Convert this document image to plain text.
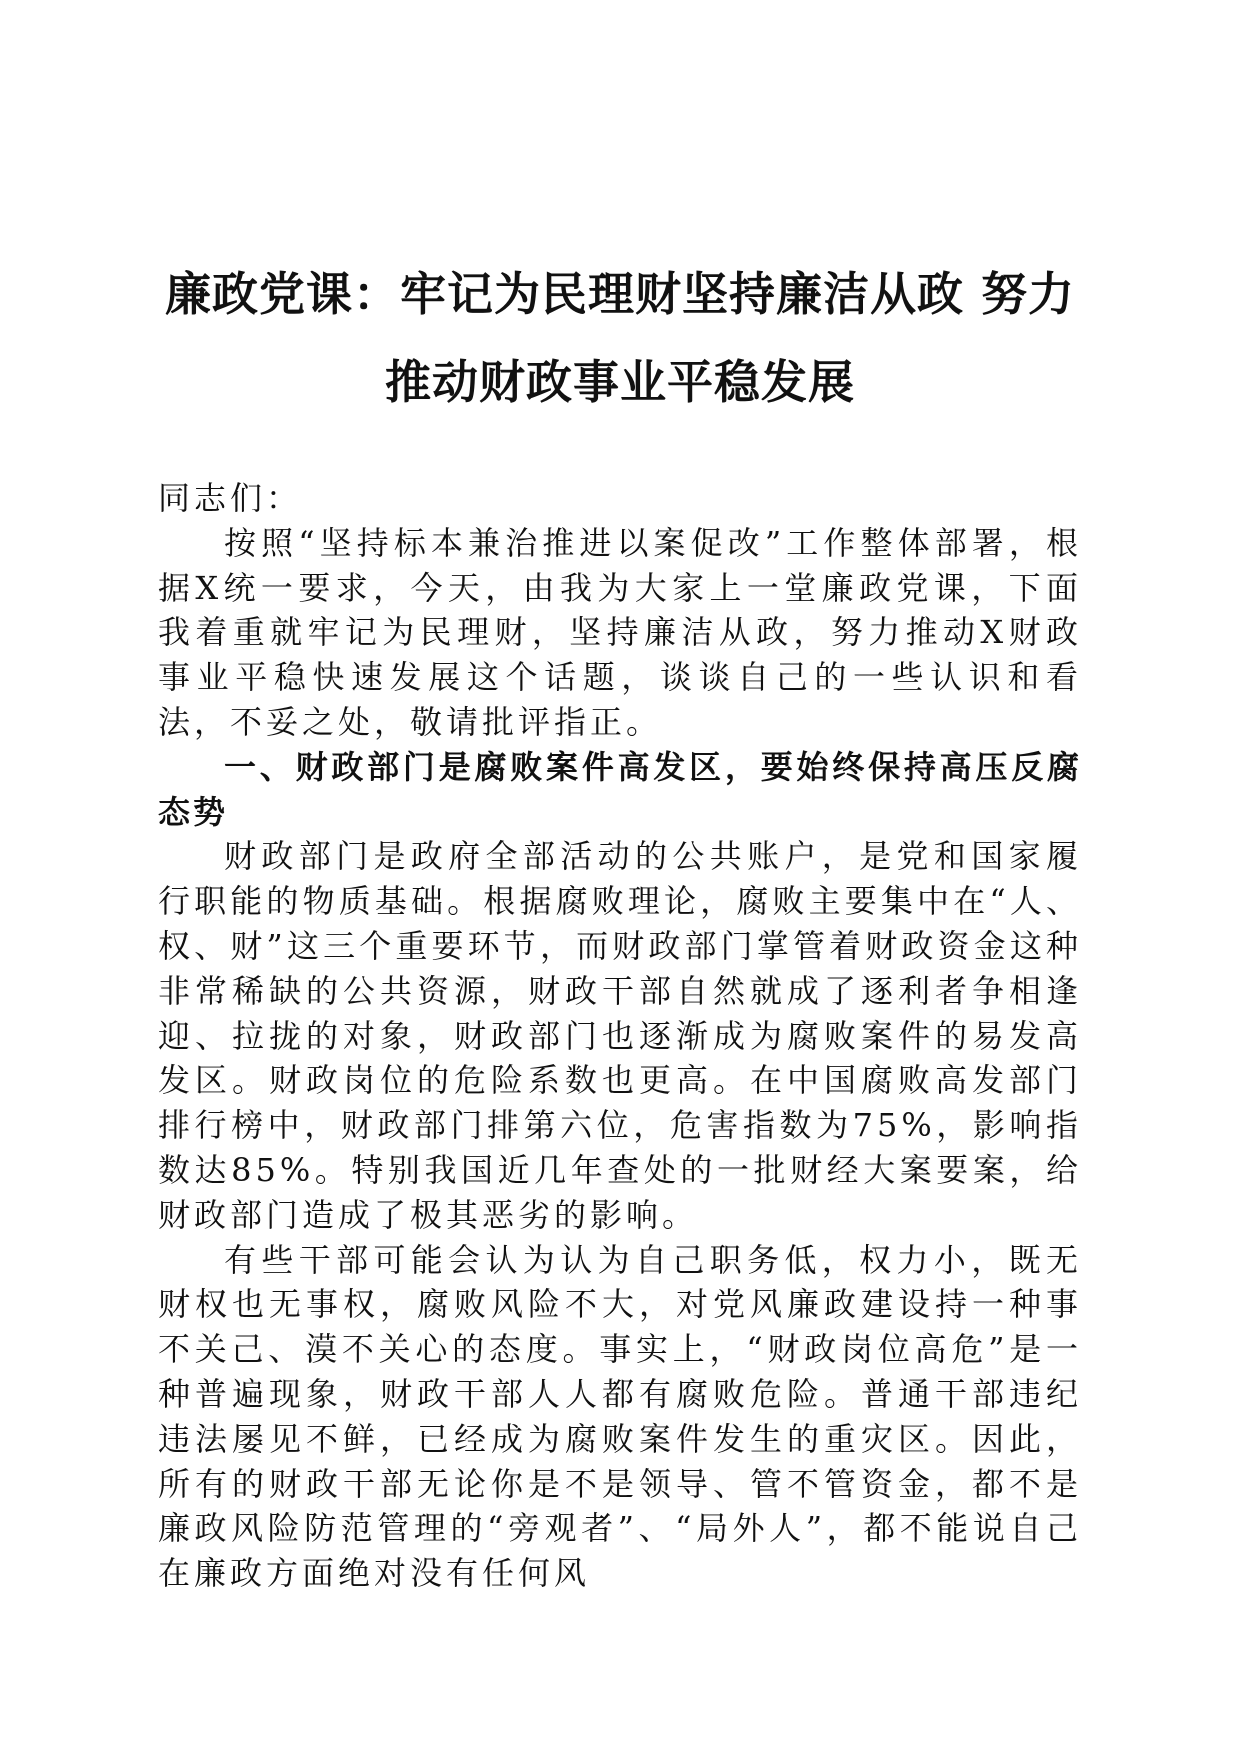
廉政党课：牢记为民理财坚持廉洁从政 努力
推动财政事业平稳发展

同志们：

按照“坚持标本兼治推进以案促改”工作整体部署，根据X统一要求，今天，由我为大家上一堂廉政党课，下面我着重就牢记为民理财，坚持廉洁从政，努力推动X财政事业平稳快速发展这个话题，谈谈自己的一些认识和看法，不妥之处，敬请批评指正。

一、财政部门是腐败案件高发区，要始终保持高压反腐态势

财政部门是政府全部活动的公共账户，是党和国家履行职能的物质基础。根据腐败理论，腐败主要集中在“人、权、财”这三个重要环节，而财政部门掌管着财政资金这种非常稀缺的公共资源，财政干部自然就成了逐利者争相逢迎、拉拢的对象，财政部门也逐渐成为腐败案件的易发高发区。财政岗位的危险系数也更高。在中国腐败高发部门排行榜中，财政部门排第六位，危害指数为75%，影响指数达85%。特别我国近几年查处的一批财经大案要案，给财政部门造成了极其恶劣的影响。

有些干部可能会认为认为自己职务低，权力小，既无财权也无事权，腐败风险不大，对党风廉政建设持一种事不关己、漠不关心的态度。事实上，“财政岗位高危”是一种普遍现象，财政干部人人都有腐败危险。普通干部违纪违法屡见不鲜，已经成为腐败案件发生的重灾区。因此，所有的财政干部无论你是不是领导、管不管资金，都不是廉政风险防范管理的“旁观者”、“局外人”，都不能说自己在廉政方面绝对没有任何风
